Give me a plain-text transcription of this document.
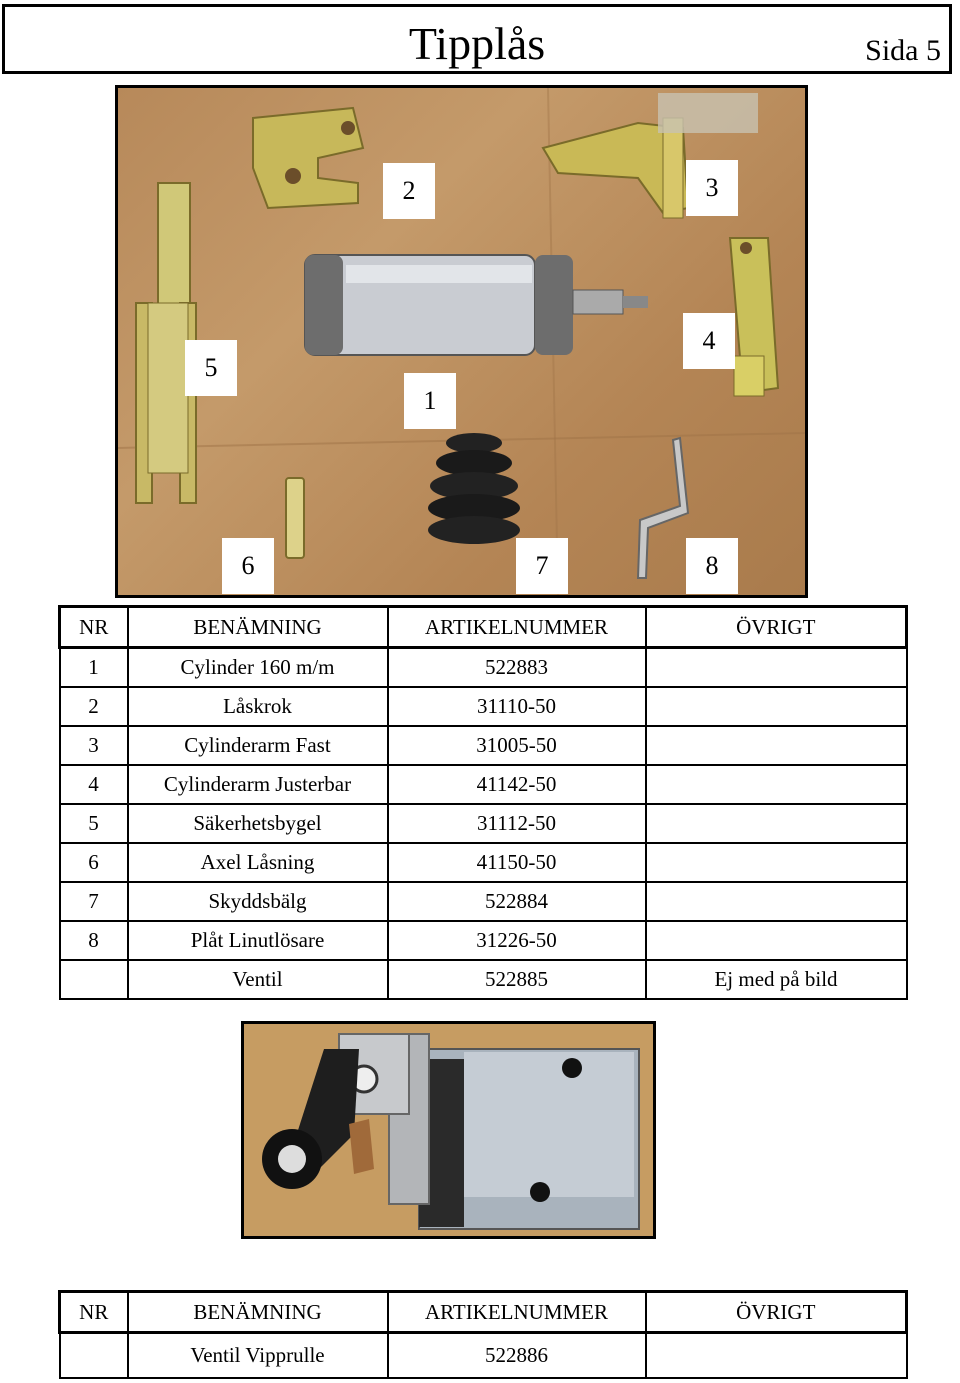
Tipplås	Sida 5
2	3
5
4
1
6	7	8
NR	BENÄMNING	ARTIKELNUMMER	ÖVRIGT
1	Cylinder 160 m/m	522883	
2	Låskrok	31110-50	
3	Cylinderarm Fast	31005-50	
4	Cylinderarm Justerbar	41142-50	
5	Säkerhetsbygel	31112-50	
6	Axel Låsning	41150-50	
7	Skyddsbälg	522884	
8	Plåt Linutlösare	31226-50	
	Ventil	522885	Ej med på bild
NR	BENÄMNING	ARTIKELNUMMER	ÖVRIGT
	Ventil Vipprulle	522886	
